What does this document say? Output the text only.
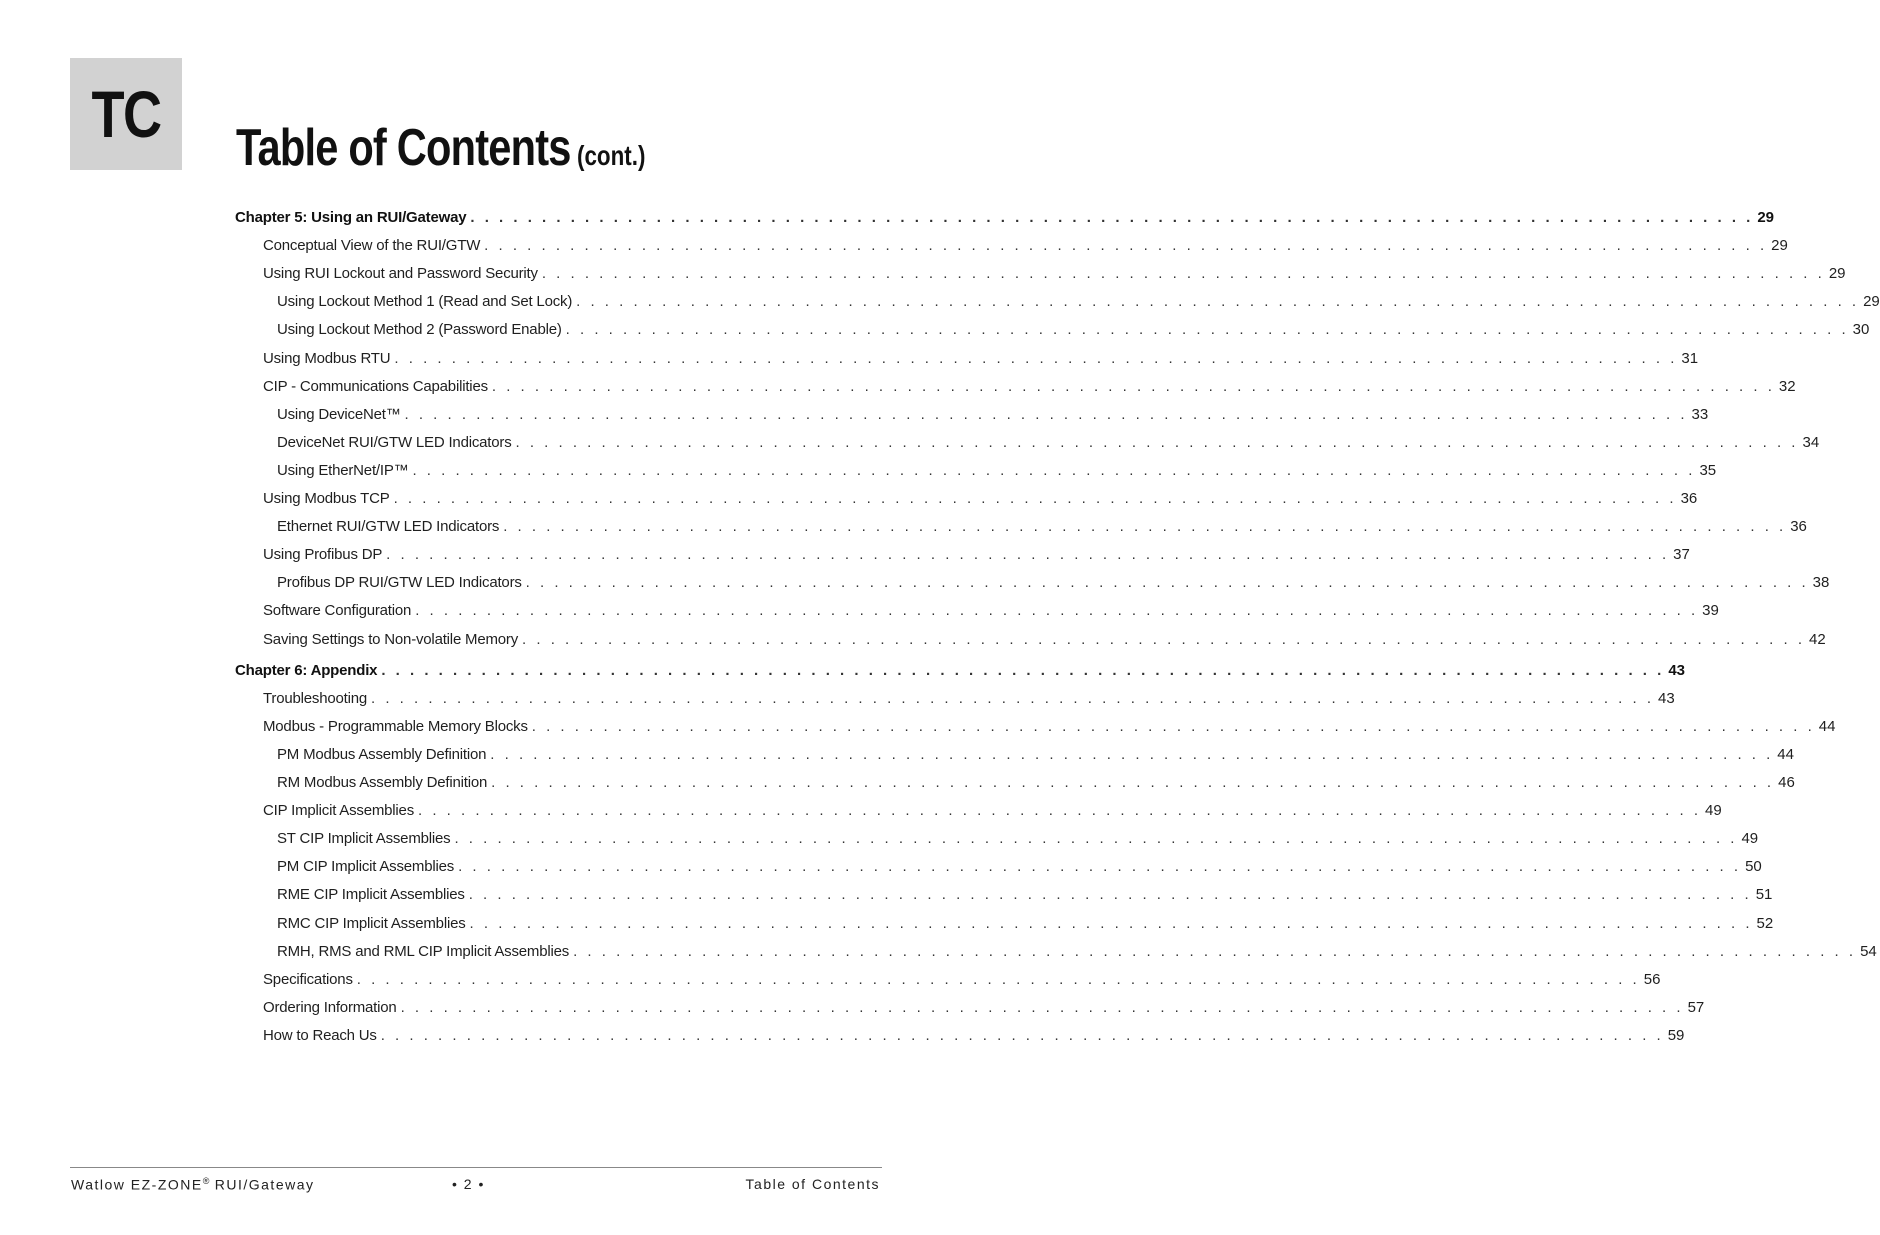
TC Table of Contents (cont.)
Chapter 5: Using an RUI/Gateway . . . . . . . . . . . . . . . . . . . . . . . . . . . . . . . . . . . . . . . . . . . . . . . . . . . . . . . . . . . . . . . . . . . . . . . . . . . . . . . . . . . . . . . . . . 29
Conceptual View of the RUI/GTW . . . . . . . . . . . . . . . . . . . . . . . . . . . . . . . . . . . . . . . . . . . . . . . . . . . . . . . . . . . . . . . . . . . . . . . . . . . . . . . . . . . . . . . . . . 29
Using RUI Lockout and Password Security . . . . . . . . . . . . . . . . . . . . . . . . . . . . . . . . . . . . . . . . . . . . . . . . . . . . . . . . . . . . . . . . . . . . . . . . . . . . . . . . . . . . . . . . . . 29
Using Lockout Method 1 (Read and Set Lock) . . . . . . . . . . . . . . . . . . . . . . . . . . . . . . . . . . . . . . . . . . . . . . . . . . . . . . . . . . . . . . . . . . . . . . . . . . . . . . . . . . . . . . . . . . 29
Using Lockout Method 2 (Password Enable) . . . . . . . . . . . . . . . . . . . . . . . . . . . . . . . . . . . . . . . . . . . . . . . . . . . . . . . . . . . . . . . . . . . . . . . . . . . . . . . . . . . . . . . . . . 30
Using Modbus RTU . . . . . . . . . . . . . . . . . . . . . . . . . . . . . . . . . . . . . . . . . . . . . . . . . . . . . . . . . . . . . . . . . . . . . . . . . . . . . . . . . . . . . . . . . . 31
CIP - Communications Capabilities . . . . . . . . . . . . . . . . . . . . . . . . . . . . . . . . . . . . . . . . . . . . . . . . . . . . . . . . . . . . . . . . . . . . . . . . . . . . . . . . . . . . . . . . . . 32
Using DeviceNet™ . . . . . . . . . . . . . . . . . . . . . . . . . . . . . . . . . . . . . . . . . . . . . . . . . . . . . . . . . . . . . . . . . . . . . . . . . . . . . . . . . . . . . . . . . . 33
DeviceNet RUI/GTW LED Indicators . . . . . . . . . . . . . . . . . . . . . . . . . . . . . . . . . . . . . . . . . . . . . . . . . . . . . . . . . . . . . . . . . . . . . . . . . . . . . . . . . . . . . . . . . . 34
Using EtherNet/IP™ . . . . . . . . . . . . . . . . . . . . . . . . . . . . . . . . . . . . . . . . . . . . . . . . . . . . . . . . . . . . . . . . . . . . . . . . . . . . . . . . . . . . . . . . . . 35
Using Modbus TCP . . . . . . . . . . . . . . . . . . . . . . . . . . . . . . . . . . . . . . . . . . . . . . . . . . . . . . . . . . . . . . . . . . . . . . . . . . . . . . . . . . . . . . . . . . 36
Ethernet RUI/GTW LED Indicators . . . . . . . . . . . . . . . . . . . . . . . . . . . . . . . . . . . . . . . . . . . . . . . . . . . . . . . . . . . . . . . . . . . . . . . . . . . . . . . . . . . . . . . . . . 36
Using Profibus DP . . . . . . . . . . . . . . . . . . . . . . . . . . . . . . . . . . . . . . . . . . . . . . . . . . . . . . . . . . . . . . . . . . . . . . . . . . . . . . . . . . . . . . . . . . 37
Profibus DP RUI/GTW LED Indicators . . . . . . . . . . . . . . . . . . . . . . . . . . . . . . . . . . . . . . . . . . . . . . . . . . . . . . . . . . . . . . . . . . . . . . . . . . . . . . . . . . . . . . . . . . 38
Software Configuration . . . . . . . . . . . . . . . . . . . . . . . . . . . . . . . . . . . . . . . . . . . . . . . . . . . . . . . . . . . . . . . . . . . . . . . . . . . . . . . . . . . . . . . . . . 39
Saving Settings to Non-volatile Memory . . . . . . . . . . . . . . . . . . . . . . . . . . . . . . . . . . . . . . . . . . . . . . . . . . . . . . . . . . . . . . . . . . . . . . . . . . . . . . . . . . . . . . . . . . 42
Chapter 6: Appendix . . . . . . . . . . . . . . . . . . . . . . . . . . . . . . . . . . . . . . . . . . . . . . . . . . . . . . . . . . . . . . . . . . . . . . . . . . . . . . . . . . . . . . . . . . 43
Troubleshooting . . . . . . . . . . . . . . . . . . . . . . . . . . . . . . . . . . . . . . . . . . . . . . . . . . . . . . . . . . . . . . . . . . . . . . . . . . . . . . . . . . . . . . . . . . 43
Modbus - Programmable Memory Blocks . . . . . . . . . . . . . . . . . . . . . . . . . . . . . . . . . . . . . . . . . . . . . . . . . . . . . . . . . . . . . . . . . . . . . . . . . . . . . . . . . . . . . . . . . . 44
PM Modbus Assembly Definition . . . . . . . . . . . . . . . . . . . . . . . . . . . . . . . . . . . . . . . . . . . . . . . . . . . . . . . . . . . . . . . . . . . . . . . . . . . . . . . . . . . . . . . . . . 44
RM Modbus Assembly Definition . . . . . . . . . . . . . . . . . . . . . . . . . . . . . . . . . . . . . . . . . . . . . . . . . . . . . . . . . . . . . . . . . . . . . . . . . . . . . . . . . . . . . . . . . . 46
CIP Implicit Assemblies . . . . . . . . . . . . . . . . . . . . . . . . . . . . . . . . . . . . . . . . . . . . . . . . . . . . . . . . . . . . . . . . . . . . . . . . . . . . . . . . . . . . . . . . . . 49
ST CIP Implicit Assemblies . . . . . . . . . . . . . . . . . . . . . . . . . . . . . . . . . . . . . . . . . . . . . . . . . . . . . . . . . . . . . . . . . . . . . . . . . . . . . . . . . . . . . . . . . . 49
PM CIP Implicit Assemblies . . . . . . . . . . . . . . . . . . . . . . . . . . . . . . . . . . . . . . . . . . . . . . . . . . . . . . . . . . . . . . . . . . . . . . . . . . . . . . . . . . . . . . . . . . 50
RME CIP Implicit Assemblies . . . . . . . . . . . . . . . . . . . . . . . . . . . . . . . . . . . . . . . . . . . . . . . . . . . . . . . . . . . . . . . . . . . . . . . . . . . . . . . . . . . . . . . . . . 51
RMC CIP Implicit Assemblies . . . . . . . . . . . . . . . . . . . . . . . . . . . . . . . . . . . . . . . . . . . . . . . . . . . . . . . . . . . . . . . . . . . . . . . . . . . . . . . . . . . . . . . . . . 52
RMH, RMS and RML CIP Implicit Assemblies . . . . . . . . . . . . . . . . . . . . . . . . . . . . . . . . . . . . . . . . . . . . . . . . . . . . . . . . . . . . . . . . . . . . . . . . . . . . . . . . . . . . . . . . . . 54
Specifications . . . . . . . . . . . . . . . . . . . . . . . . . . . . . . . . . . . . . . . . . . . . . . . . . . . . . . . . . . . . . . . . . . . . . . . . . . . . . . . . . . . . . . . . . . 56
Ordering Information . . . . . . . . . . . . . . . . . . . . . . . . . . . . . . . . . . . . . . . . . . . . . . . . . . . . . . . . . . . . . . . . . . . . . . . . . . . . . . . . . . . . . . . . . . 57
How to Reach Us . . . . . . . . . . . . . . . . . . . . . . . . . . . . . . . . . . . . . . . . . . . . . . . . . . . . . . . . . . . . . . . . . . . . . . . . . . . . . . . . . . . . . . . . . . 59
Watlow EZ-ZONE® RUI/Gateway	• 2 •	Table of Contents
